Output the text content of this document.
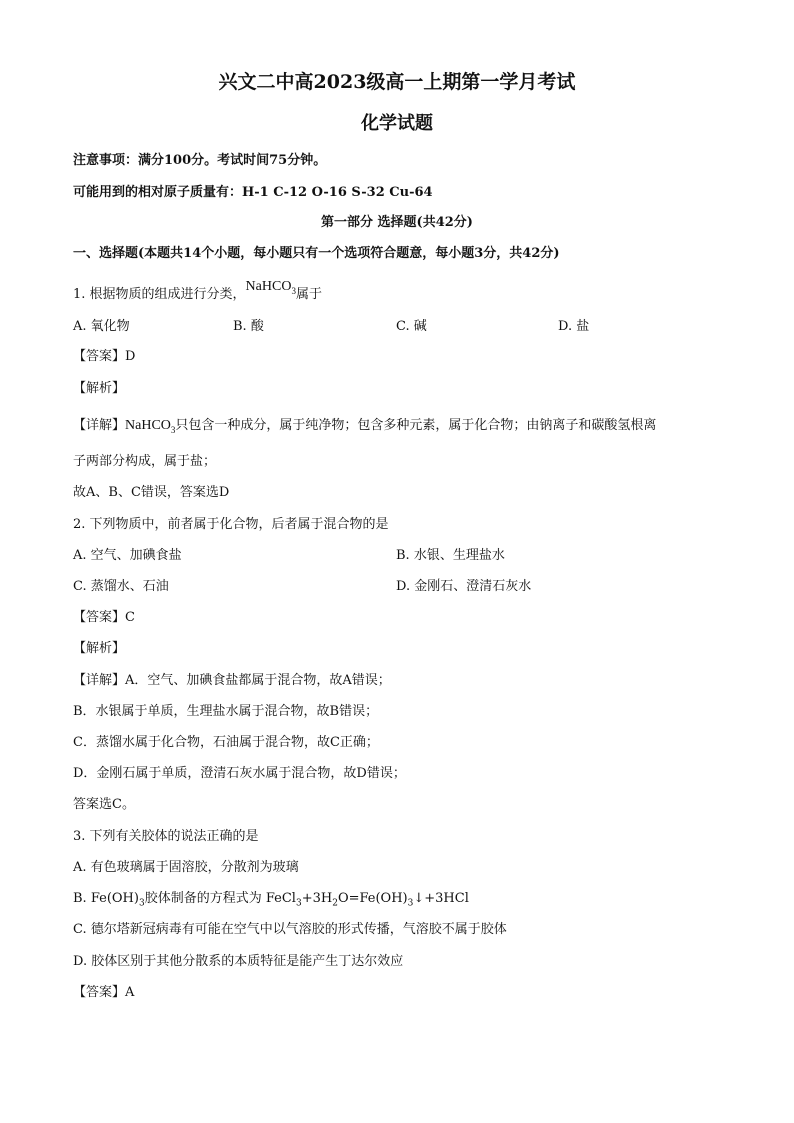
兴文二中高2023级高一上期第一学月考试
化学试题
注意事项：满分100分。考试时间75分钟。
可能用到的相对原子质量有：H-1 C-12 O-16 S-32 Cu-64
第一部分 选择题(共42分)
一、选择题(本题共14个小题，每小题只有一个选项符合题意，每小题3分，共42分)
1. 根据物质的组成进行分类，NaHCO$_3$属于
A. 氧化物	B. 酸	C. 碱	D. 盐
【答案】D
【解析】
【详解】NaHCO$_3$只包含一种成分，属于纯净物；包含多种元素，属于化合物；由钠离子和碳酸氢根离
子两部分构成，属于盐；
故A、B、C错误，答案选D
2. 下列物质中，前者属于化合物，后者属于混合物的是
A. 空气、加碘食盐	B. 水银、生理盐水
C. 蒸馏水、石油	D. 金刚石、澄清石灰水
【答案】C
【解析】
【详解】A．空气、加碘食盐都属于混合物，故A错误；
B．水银属于单质，生理盐水属于混合物，故B错误；
C．蒸馏水属于化合物，石油属于混合物，故C正确；
D．金刚石属于单质，澄清石灰水属于混合物，故D错误；
答案选C。
3. 下列有关胶体的说法正确的是
A. 有色玻璃属于固溶胶，分散剂为玻璃
B. $Fe(OH)_3$胶体制备的方程式为 $FeCl_3+3H_2O=Fe(OH)_3↓+3HCl$
C. 德尔塔新冠病毒有可能在空气中以气溶胶的形式传播，气溶胶不属于胶体
D. 胶体区别于其他分散系的本质特征是能产生丁达尔效应
【答案】A
